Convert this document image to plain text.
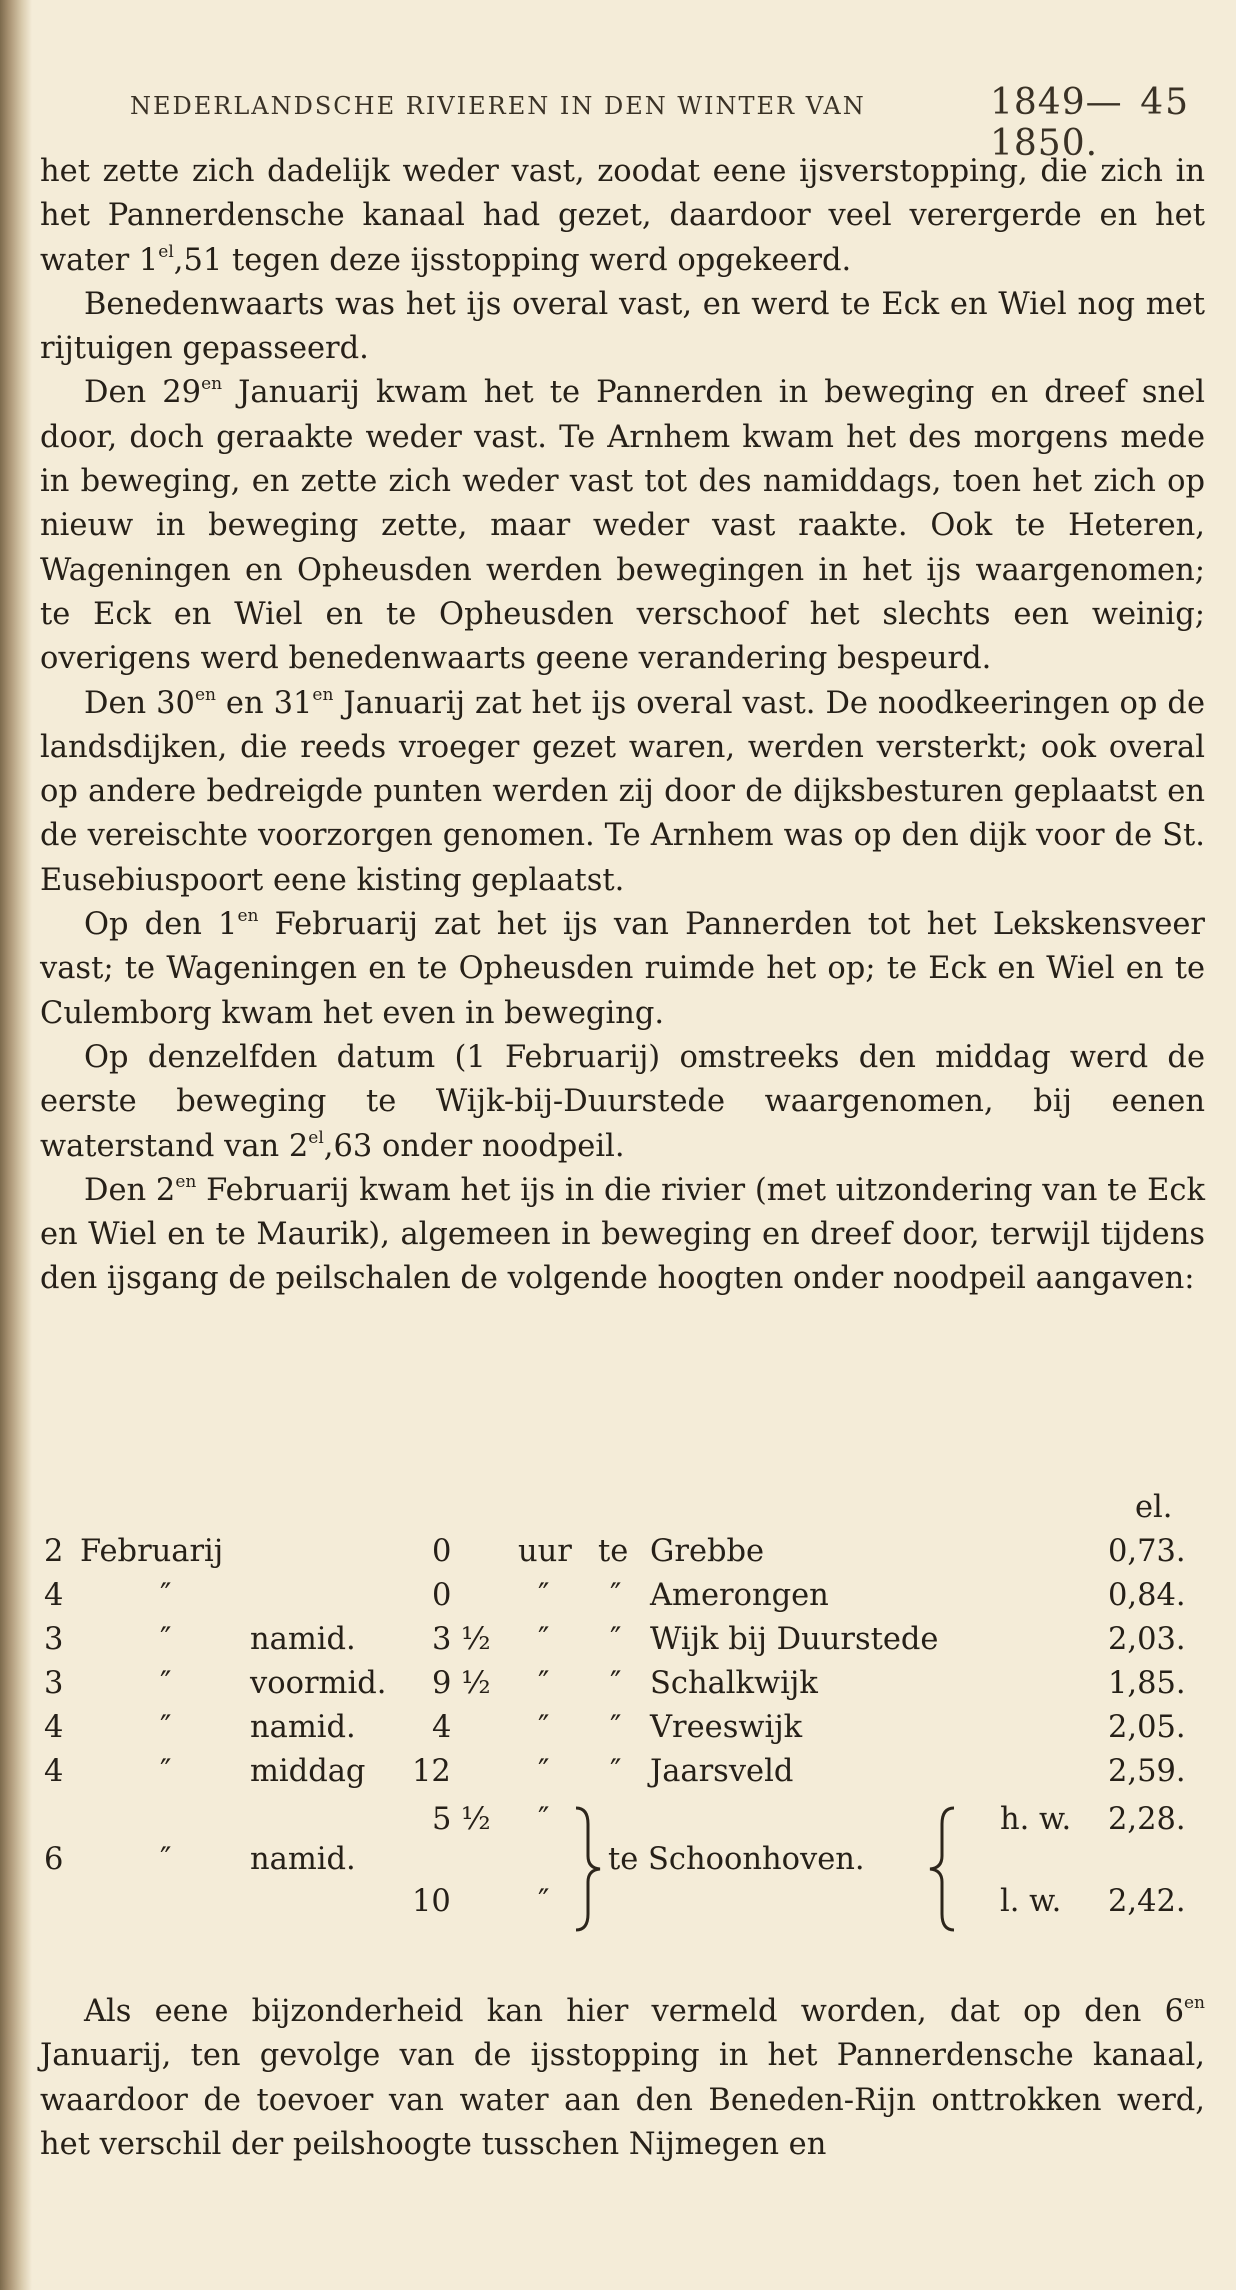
NEDERLANDSCHE RIVIEREN IN DEN WINTER VAN	1849—1850.
45

het zette zich dadelijk weder vast, zoodat eene ijsverstopping, die zich in het Pannerdensche kanaal had gezet, daardoor veel verergerde en het water $1^{el},51$ tegen deze ijsstopping werd opgekeerd.

Benedenwaarts was het ijs overal vast, en werd te Eck en Wiel nog met rijtuigen gepasseerd.

Den $29^{en}$ Januarij kwam het te Pannerden in beweging en dreef snel door, doch geraakte weder vast. Te Arnhem kwam het des morgens mede in beweging, en zette zich weder vast tot des namiddags, toen het zich op nieuw in beweging zette, maar weder vast raakte. Ook te Heteren, Wageningen en Opheusden werden bewegingen in het ijs waargenomen; te Eck en Wiel en te Opheusden verschoof het slechts een weinig; overigens werd benedenwaarts geene verandering bespeurd.

Den $30^{en}$ en $31^{en}$ Januarij zat het ijs overal vast. De noodkeeringen op de landsdijken, die reeds vroeger gezet waren, werden versterkt; ook overal op andere bedreigde punten werden zij door de dijksbesturen geplaatst en de vereischte voorzorgen genomen. Te Arnhem was op den dijk voor de St. Eusebiuspoort eene kisting geplaatst.

Op den $1^{en}$ Februarij zat het ijs van Pannerden tot het Lekskensveer vast; te Wageningen en te Opheusden ruimde het op; te Eck en Wiel en te Culemborg kwam het even in beweging.

Op denzelfden datum (1 Februarij) omstreeks den middag werd de eerste beweging te Wijk-bij-Duurstede waargenomen, bij eenen waterstand van $2^{el},63$ onder noodpeil.

Den $2^{en}$ Februarij kwam het ijs in die rivier (met uitzondering van te Eck en Wiel en te Maurik), algemeen in beweging en dreef door, terwijl tijdens den ijsgang de peilschalen de volgende hoogten onder noodpeil aangaven:

el.
2 Februarij	0 uur te Grebbe	0,73.
4	″	0	″ ″ Amerongen	0,84.
3	″	namid.	3 ½ ″ ″ Wijk bij Duurstede	2,03.
3	″	voormid. 9 ½ ″ ″ Schalkwijk	1,85.
4	″	namid.	4	″ ″ Vreeswijk	2,05.
4	″	middag 12	″ ″ Jaarsveld	2,59.
5 ½ ″	h. w. 2,28.
6	″	namid.	te Schoonhoven.
10	″	l. w. 2,42.

Als eene bijzonderheid kan hier vermeld worden, dat op den $6^{en}$ Januarij, ten gevolge van de ijsstopping in het Pannerdensche kanaal, waardoor de toevoer van water aan den Beneden-Rijn onttrokken werd, het verschil der peilshoogte tusschen Nijmegen en
